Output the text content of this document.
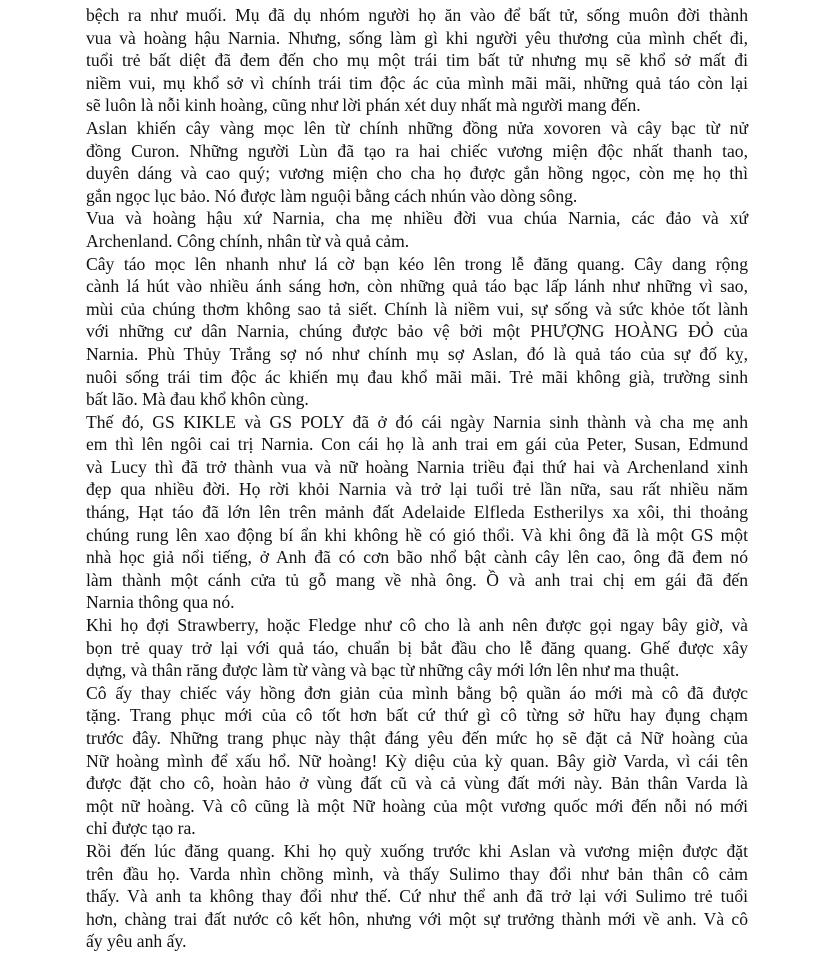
bệch ra như muối. Mụ đã dụ nhóm người họ ăn vào để bất tử, sống muôn đời thành
vua và hoàng hậu Narnia. Nhưng, sống làm gì khi người yêu thương của mình chết đi,
tuổi trẻ bất diệt đã đem đến cho mụ một trái tim bất tử nhưng mụ sẽ khổ sở mất đi
niềm vui, mụ khổ sở vì chính trái tim độc ác của mình mãi mãi, những quả táo còn lại
sẽ luôn là nỗi kinh hoàng, cũng như lời phán xét duy nhất mà người mang đến.
Aslan khiến cây vàng mọc lên từ chính những đồng nửa xovoren và cây bạc từ nử
đồng Curon. Những người Lùn đã tạo ra hai chiếc vương miện độc nhất thanh tao,
duyên dáng và cao quý; vương miện cho cha họ được gắn hồng ngọc, còn mẹ họ thì
gắn ngọc lục bảo. Nó được làm nguội bằng cách nhún vào dòng sông.
Vua và hoàng hậu xứ Narnia, cha mẹ nhiều đời vua chúa Narnia, các đảo và xứ
Archenland. Công chính, nhân từ và quả cảm.
Cây táo mọc lên nhanh như lá cờ bạn kéo lên trong lễ đăng quang. Cây dang rộng
cành lá hút vào nhiều ánh sáng hơn, còn những quả táo bạc lấp lánh như những vì sao,
mùi của chúng thơm không sao tả siết. Chính là niềm vui, sự sống và sức khỏe tốt lành
với những cư dân Narnia, chúng được bảo vệ bởi một PHƯỢNG HOÀNG ĐỎ của
Narnia. Phù Thủy Trắng sợ nó như chính mụ sợ Aslan, đó là quả táo của sự đố kỵ,
nuôi sống trái tim độc ác khiến mụ đau khổ mãi mãi. Trẻ mãi không già, trường sinh
bất lão. Mà đau khổ khôn cùng.
Thế đó, GS KIKLE và GS POLY đã ở đó cái ngày Narnia sinh thành và cha mẹ anh
em thì lên ngôi cai trị Narnia. Con cái họ là anh trai em gái của Peter, Susan, Edmund
và Lucy thì đã trở thành vua và nữ hoàng Narnia triều đại thứ hai và Archenland xinh
đẹp qua nhiều đời. Họ rời khỏi Narnia và trở lại tuổi trẻ lần nữa, sau rất nhiều năm
tháng, Hạt táo đã lớn lên trên mảnh đất Adelaide Elfleda Estherilys xa xôi, thi thoảng
chúng rung lên xao động bí ẩn khi không hề có gió thổi. Và khi ông đã là một GS một
nhà học giả nổi tiếng, ở Anh đã có cơn bão nhổ bật cành cây lên cao, ông đã đem nó
làm thành một cánh cửa tủ gỗ mang về nhà ông. Ồ và anh trai chị em gái đã đến
Narnia thông qua nó.
Khi họ đợi Strawberry, hoặc Fledge như cô cho là anh nên được gọi ngay bây giờ, và
bọn trẻ quay trở lại với quả táo, chuẩn bị bắt đầu cho lễ đăng quang. Ghế được xây
dựng, và thân răng được làm từ vàng và bạc từ những cây mới lớn lên như ma thuật.
Cô ấy thay chiếc váy hồng đơn giản của mình bằng bộ quần áo mới mà cô đã được
tặng. Trang phục mới của cô tốt hơn bất cứ thứ gì cô từng sở hữu hay đụng chạm
trước đây. Những trang phục này thật đáng yêu đến mức họ sẽ đặt cả Nữ hoàng của
Nữ hoàng mình để xấu hổ. Nữ hoàng! Kỳ diệu của kỳ quan. Bây giờ Varda, vì cái tên
được đặt cho cô, hoàn hảo ở vùng đất cũ và cả vùng đất mới này. Bản thân Varda là
một nữ hoàng. Và cô cũng là một Nữ hoàng của một vương quốc mới đến nỗi nó mới
chỉ được tạo ra.
Rồi đến lúc đăng quang. Khi họ quỳ xuống trước khi Aslan và vương miện được đặt
trên đầu họ. Varda nhìn chồng mình, và thấy Sulimo thay đổi như bản thân cô cảm
thấy. Và anh ta không thay đổi như thế. Cứ như thể anh đã trở lại với Sulimo trẻ tuổi
hơn, chàng trai đất nước cô kết hôn, nhưng với một sự trưởng thành mới về anh. Và cô
ấy yêu anh ấy.
